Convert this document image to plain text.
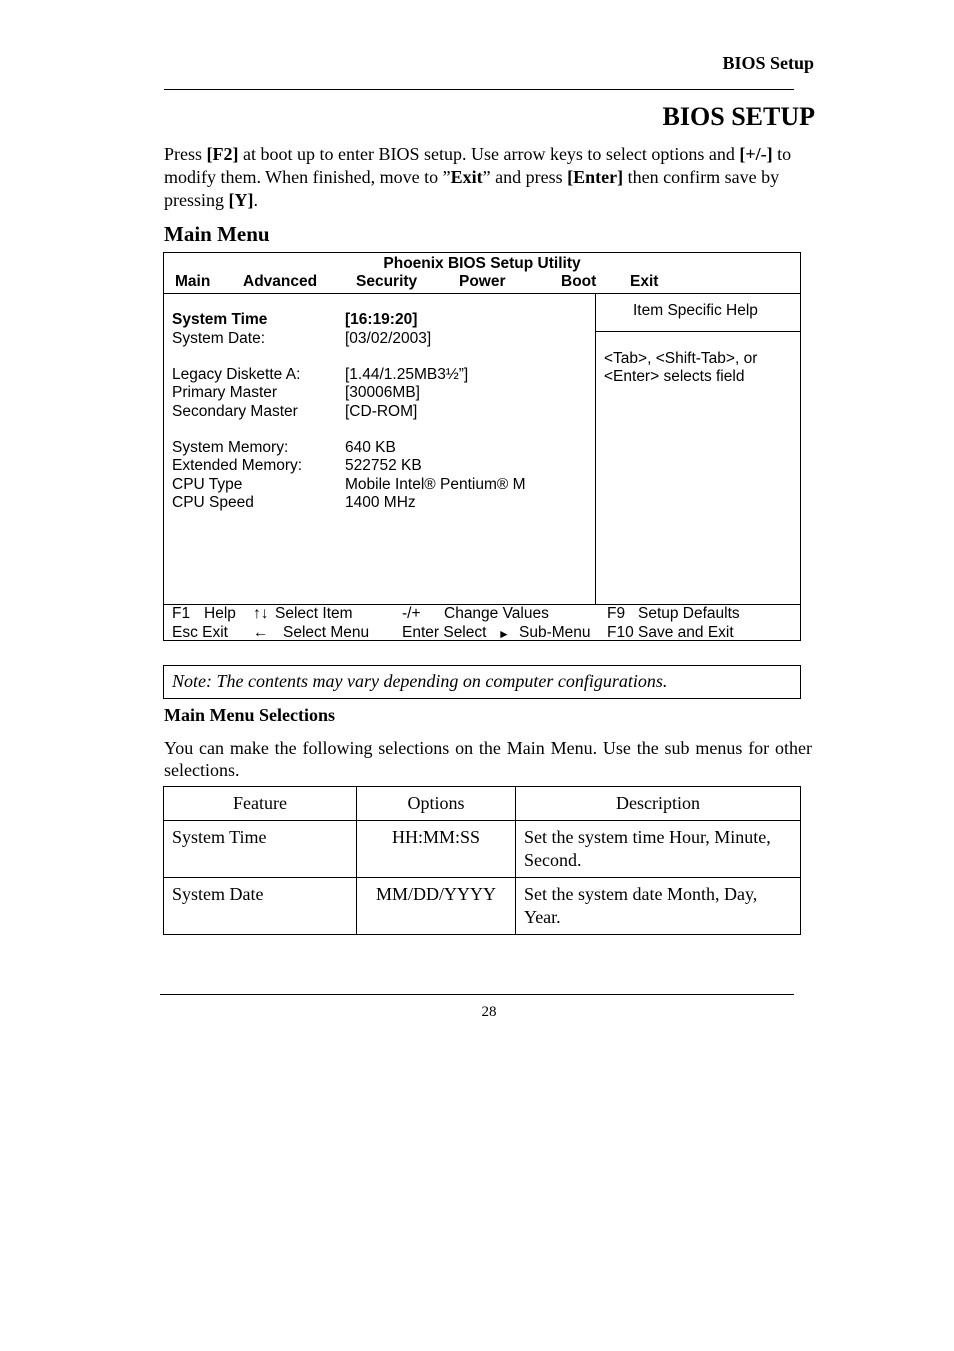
BIOS Setup
BIOS SETUP
Press [F2] at boot up to enter BIOS setup. Use arrow keys to select options and [+/-] to modify them. When finished, move to ”Exit” and press [Enter] then confirm save by pressing [Y].
Main Menu
Phoenix BIOS Setup Utility
Main Advanced	Security	Power	Boot Exit
Item Specific Help
<Tab>, <Shift-Tab>, or
<Enter> selects field
System Time	[16:19:20]
System Date:	[03/02/2003]
Legacy Diskette A:	[1.44/1.25MB3½”]
Primary Master	[30006MB]
Secondary Master	[CD-ROM]
System Memory:	640 KB
Extended Memory:	522752 KB
CPU Type	Mobile Intel® Pentium® M
CPU Speed	1400 MHz
F1 Help ↑↓ Select Item	-/+ Change Values	F9 Setup Defaults
Esc Exit ← Select Menu Enter Select ► Sub-Menu F10 Save and Exit
Note: The contents may vary depending on computer configurations.
Main Menu Selections
You can make the following selections on the Main Menu. Use the sub menus for other selections.
Feature	Options	Description
System Time	HH:MM:SS	Set the system time Hour, Minute, Second.
System Date	MM/DD/YYYY	Set the system date Month, Day, Year.
28
